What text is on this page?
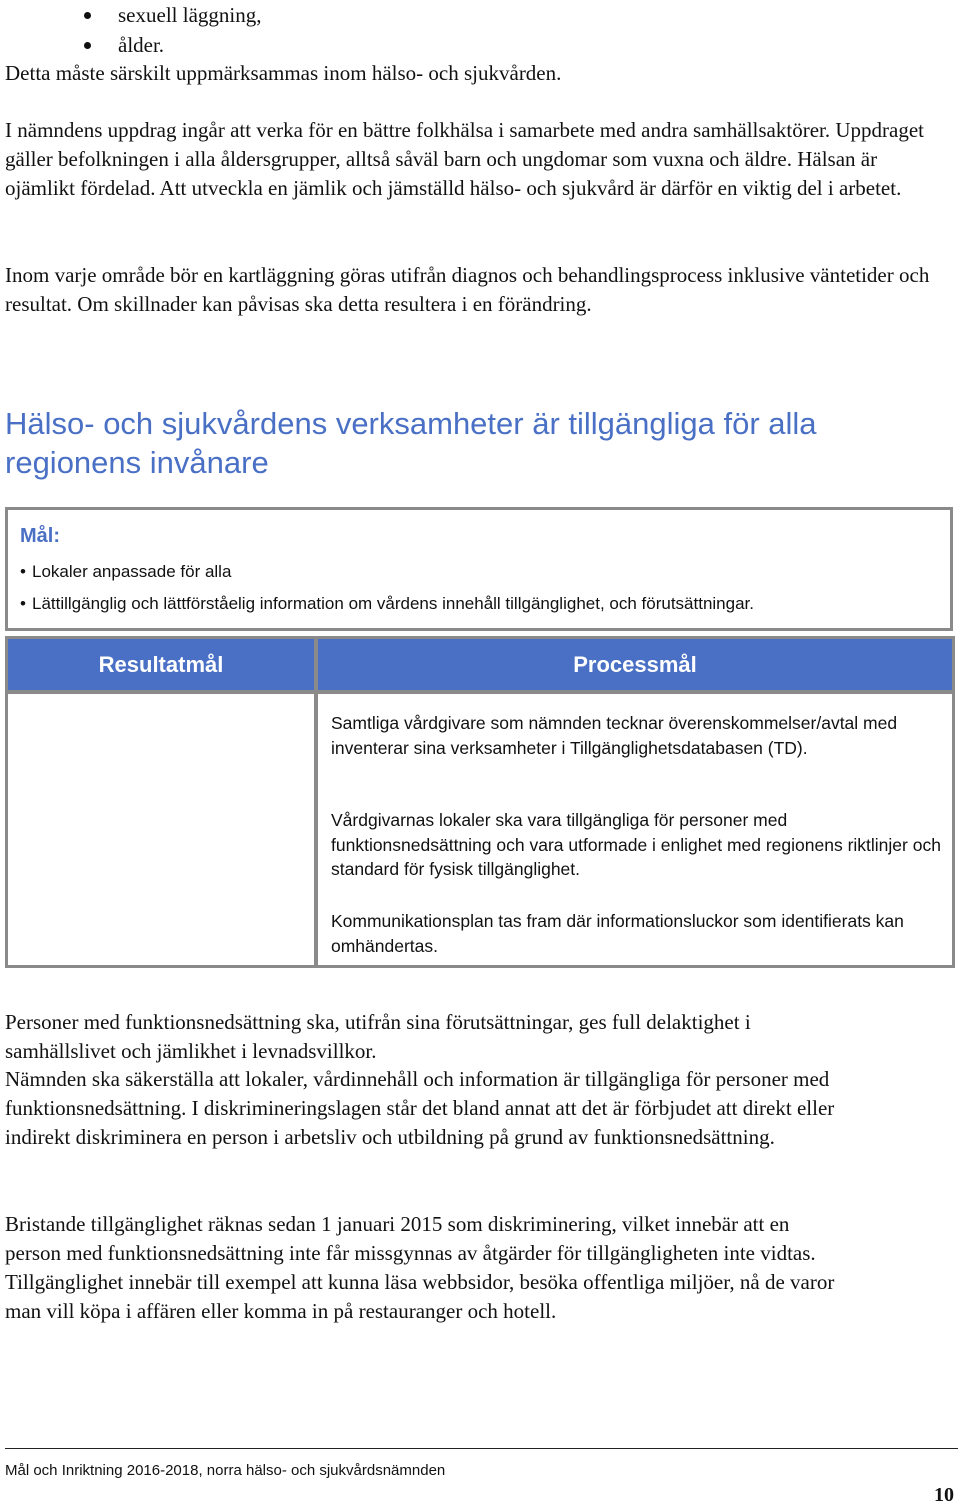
sexuell läggning,
ålder.

Detta måste särskilt uppmärksammas inom hälso- och sjukvården.

I nämndens uppdrag ingår att verka för en bättre folkhälsa i samarbete med andra samhällsaktörer. Uppdraget gäller befolkningen i alla åldersgrupper, alltså såväl barn och ungdomar som vuxna och äldre. Hälsan är ojämlikt fördelad. Att utveckla en jämlik och jämställd hälso- och sjukvård är därför en viktig del i arbetet.

Inom varje område bör en kartläggning göras utifrån diagnos och behandlingsprocess inklusive väntetider och resultat. Om skillnader kan påvisas ska detta resultera i en förändring.

Hälso- och sjukvårdens verksamheter är tillgängliga för alla regionens invånare
Mål:
• Lokaler anpassade för alla
• Lättillgänglig och lättförståelig information om vårdens innehåll tillgänglighet, och förutsättningar.
Resultatmål	Processmål

Samtliga vårdgivare som nämnden tecknar överenskommelser/avtal med inventerar sina verksamheter i Tillgänglighetsdatabasen (TD).

Vårdgivarnas lokaler ska vara tillgängliga för personer med funktionsnedsättning och vara utformade i enlighet med regionens riktlinjer och standard för fysisk tillgänglighet.

Kommunikationsplan tas fram där informationsluckor som identifierats kan omhändertas.

Personer med funktionsnedsättning ska, utifrån sina förutsättningar, ges full delaktighet i samhällslivet och jämlikhet i levnadsvillkor.

Nämnden ska säkerställa att lokaler, vårdinnehåll och information är tillgängliga för personer med funktionsnedsättning. I diskrimineringslagen står det bland annat att det är förbjudet att direkt eller indirekt diskriminera en person i arbetsliv och utbildning på grund av funktionsnedsättning.

Bristande tillgänglighet räknas sedan 1 januari 2015 som diskriminering, vilket innebär att en person med funktionsnedsättning inte får missgynnas av åtgärder för tillgängligheten inte vidtas. Tillgänglighet innebär till exempel att kunna läsa webbsidor, besöka offentliga miljöer, nå de varor man vill köpa i affären eller komma in på restauranger och hotell.

Mål och Inriktning 2016-2018, norra hälso- och sjukvårdsnämnden
10
